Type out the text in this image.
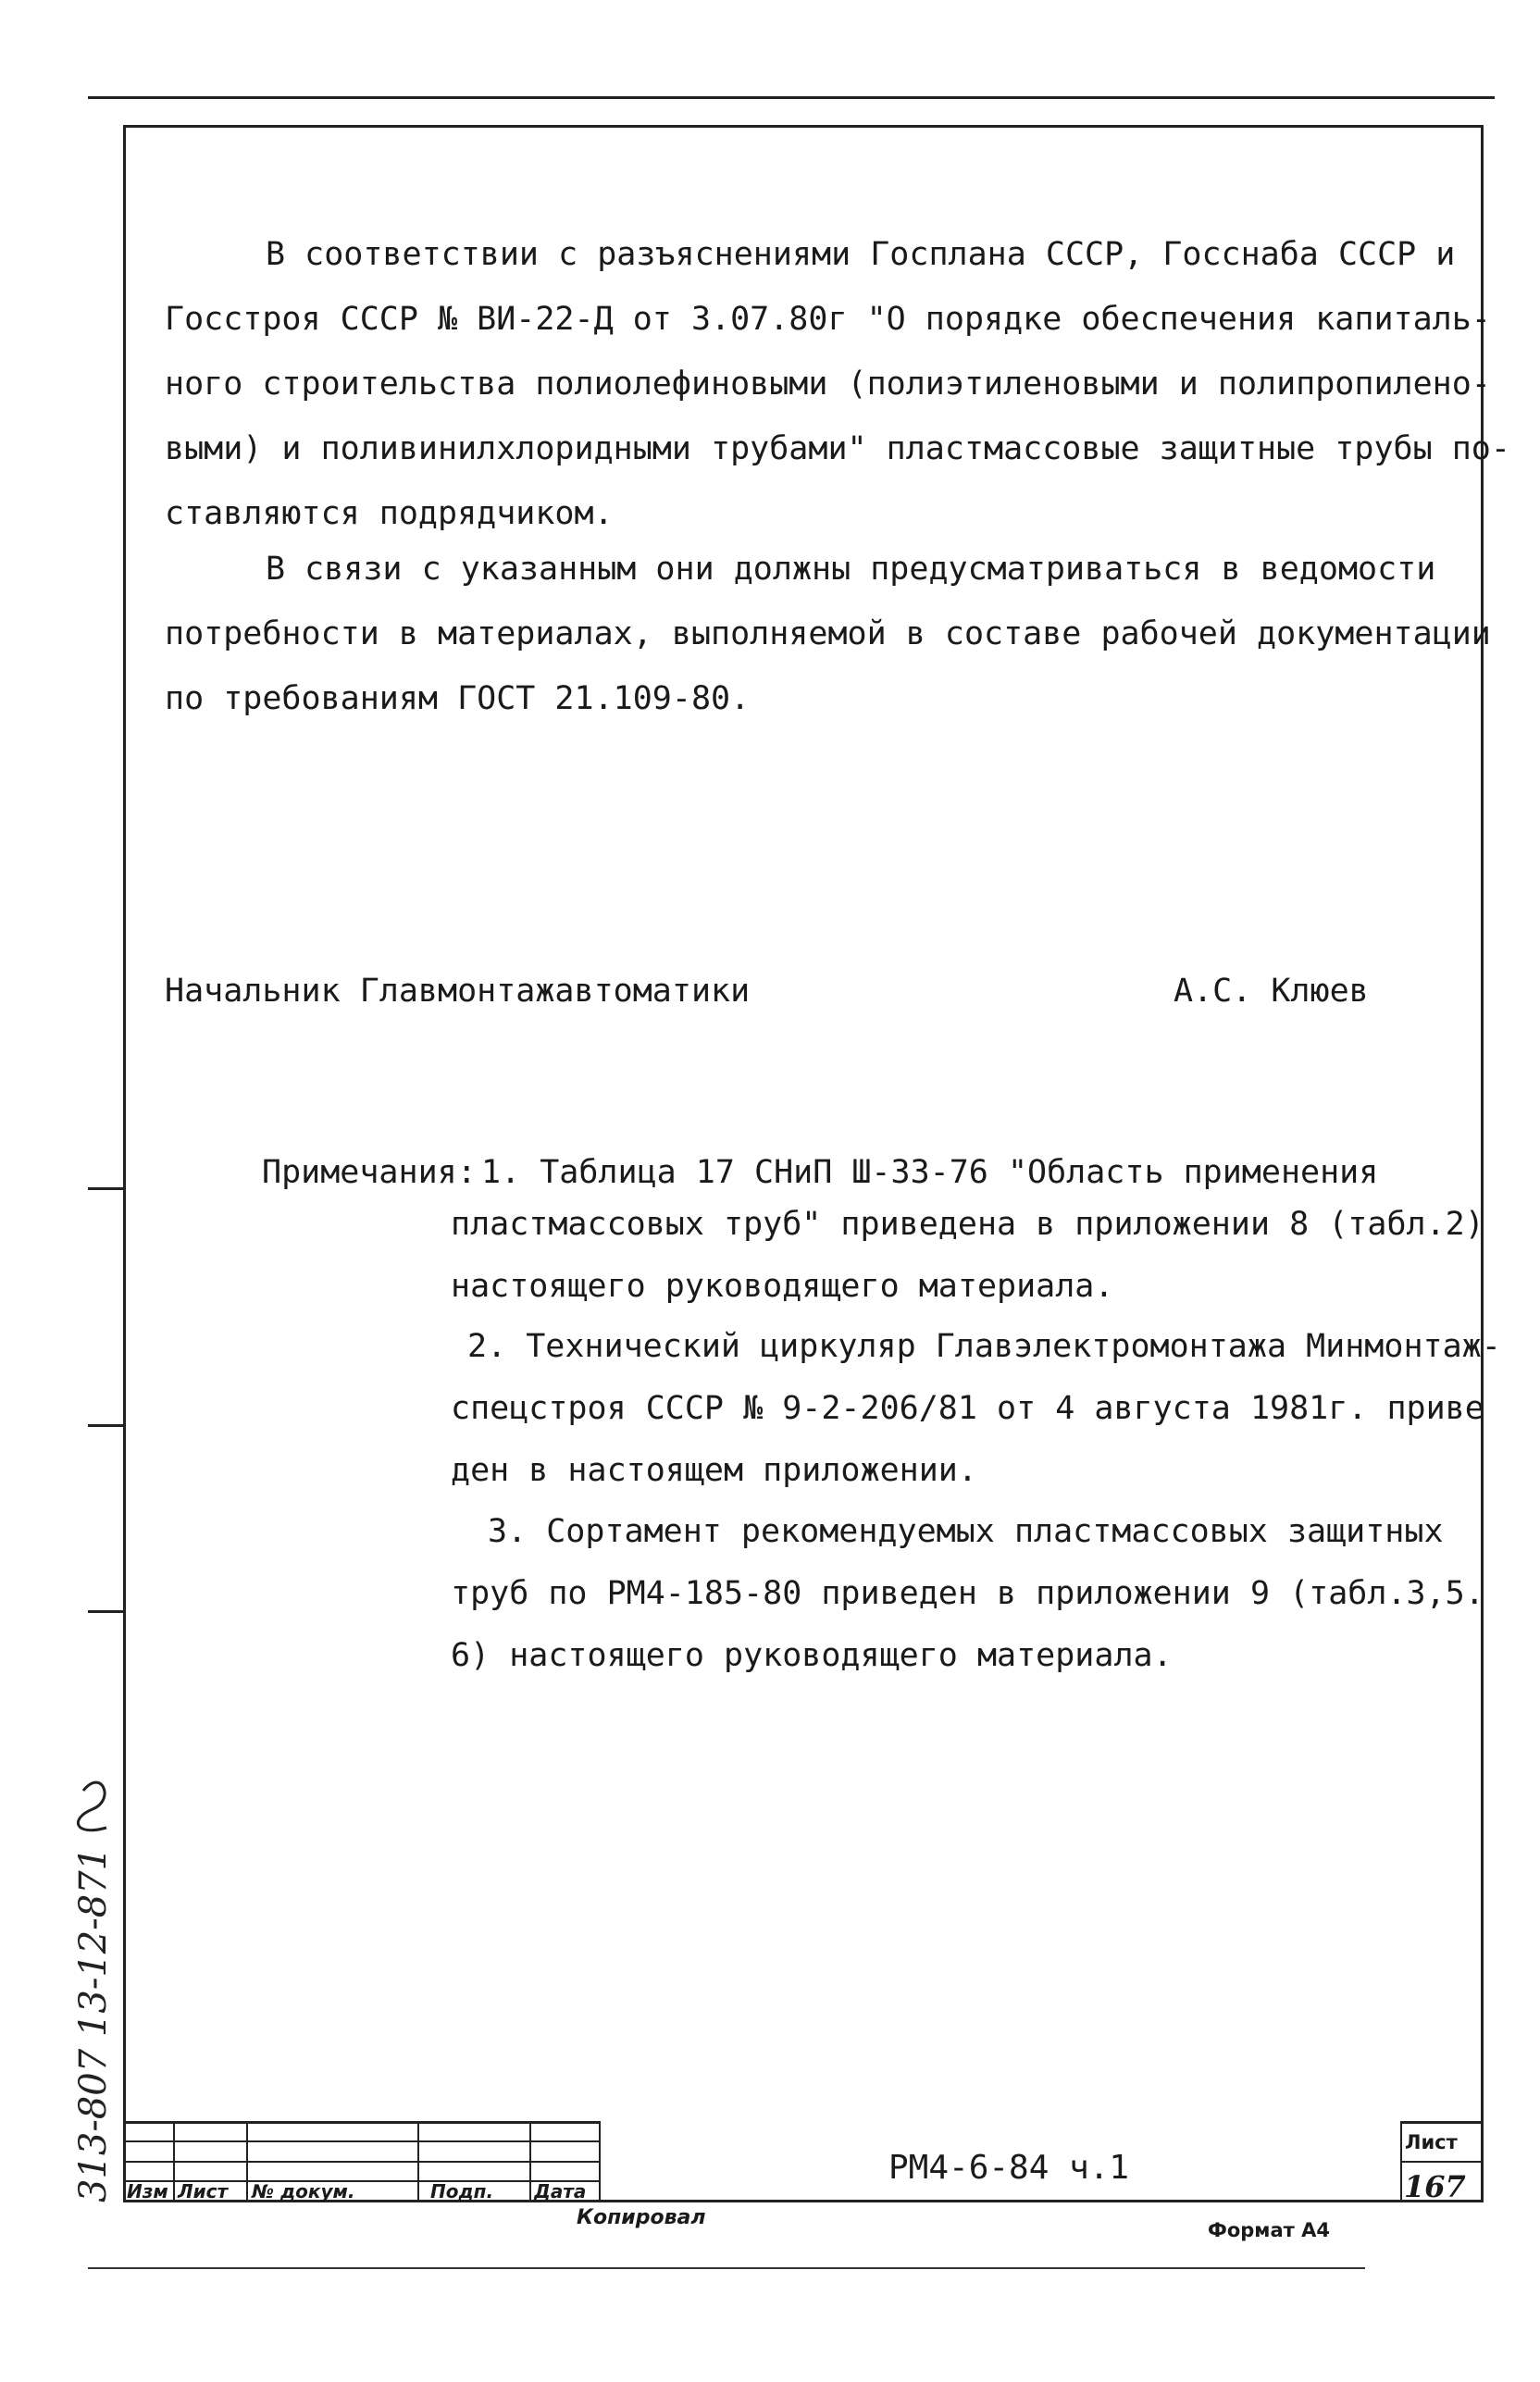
313-807 13-12-871
В соответствии с разъяснениями Госплана СССР, Госснаба СССР и
Госстроя СССР № ВИ-22-Д от 3.07.80г "О порядке обеспечения капиталь-
ного строительства полиолефиновыми (полиэтиленовыми и полипропилено-
выми) и поливинилхлоридными трубами" пластмассовые защитные трубы по-
ставляются подрядчиком.
В связи с указанным они должны предусматриваться в ведомости
потребности в материалах, выполняемой в составе рабочей документации
по требованиям ГОСТ 21.109-80.
Начальник Главмонтажавтоматики	А.С. Клюев
Примечания: 1. Таблица 17 СНиП Ш-33-76 "Область применения
пластмассовых труб" приведена в приложении 8 (табл.2)
настоящего руководящего материала.
2. Технический циркуляр Главэлектромонтажа Минмонтаж-
спецстроя СССР № 9-2-206/81 от 4 августа 1981г. приве
ден в настоящем приложении.
3. Сортамент рекомендуемых пластмассовых защитных
труб по РМ4-185-80 приведен в приложении 9 (табл.3,5.
6) настоящего руководящего материала.
Изм Лист № докум.	Подп. Дата
РМ4-6-84 ч.1
Лист
167
Копировал
Формат А4
